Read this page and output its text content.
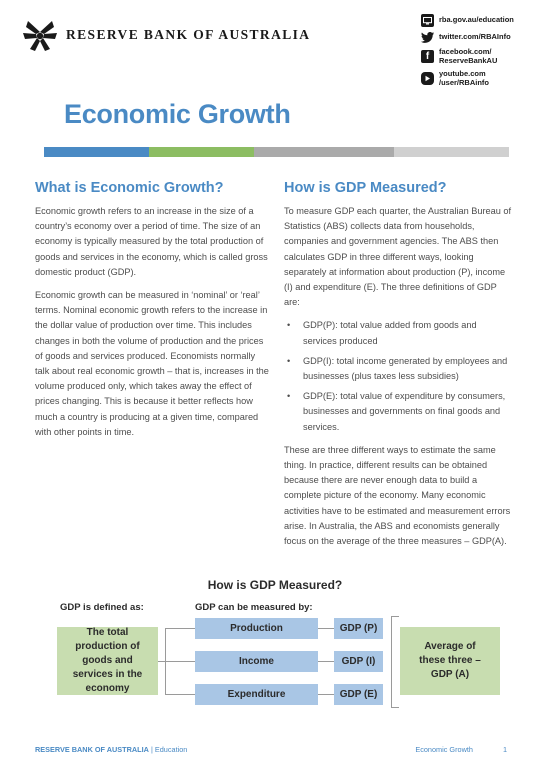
RESERVE BANK OF AUSTRALIA
rba.gov.au/education
twitter.com/RBAInfo
f	facebook.com/
ReserveBankAU
youtube.com
/user/RBAinfo
Economic Growth
What is Economic Growth?

Economic growth refers to an increase in the size of a country’s economy over a period of time. The size of an economy is typically measured by the total production of goods and services in the economy, which is called gross domestic product (GDP).

Economic growth can be measured in ‘nominal’ or ‘real’ terms. Nominal economic growth refers to the increase in the dollar value of production over time. This includes changes in both the volume of production and the prices of goods and services produced. Economists normally talk about real economic growth – that is, increases in the volume produced only, which takes away the effect of prices changing. This is because it better reflects how much a country is producing at a given time, compared with other points in time.

How is GDP Measured?

To measure GDP each quarter, the Australian Bureau of Statistics (ABS) collects data from households, companies and government agencies. The ABS then calculates GDP in three different ways, looking separately at information about production (P), income (I) and expenditure (E). The three definitions of GDP are:

• GDP(P): total value added from goods and services produced
• GDP(I): total income generated by employees and businesses (plus taxes less subsidies)
• GDP(E): total value of expenditure by consumers, businesses and governments on final goods and services.

These are three different ways to estimate the same thing. In practice, different results can be obtained because there are never enough data to build a complete picture of the economy. Many economic activities have to be estimated and measurement errors arise. In Australia, the ABS and economists generally focus on the average of the three measures – GDP(A).

How is GDP Measured?
GDP is defined as:	GDP can be measured by:
The total production of goods and services in the economy
Production	GDP (P)
Income	GDP (I)
Expenditure	GDP (E)
Average of these three – GDP (A)
RESERVE BANK OF AUSTRALIA | Education	Economic Growth	1
